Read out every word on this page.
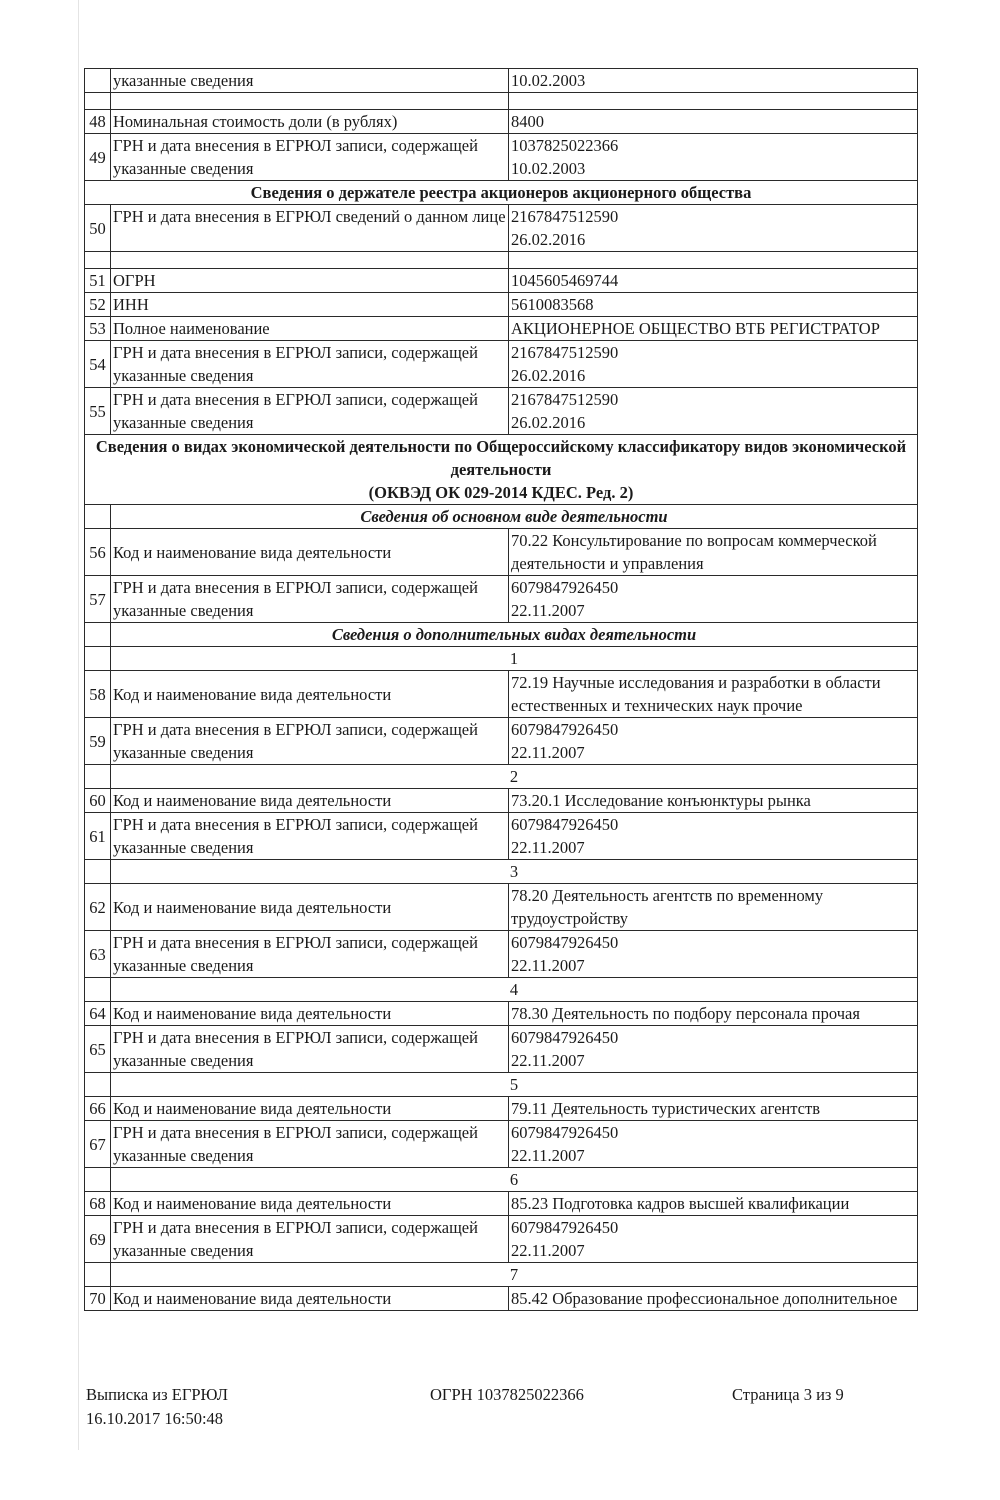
	указанные сведения	10.02.2003

48	Номинальная стоимость доли (в рублях)	8400

49	ГРН и дата внесения в ЕГРЮЛ записи, содержащей указанные сведения	1037825022366
10.02.2003

Сведения о держателе реестра акционеров акционерного общества		

50	ГРН и дата внесения в ЕГРЮЛ сведений о данном лице	2167847512590
26.02.2016

51	ОГРН	1045605469744

52	ИНН	5610083568

53	Полное наименование	АКЦИОНЕРНОЕ ОБЩЕСТВО ВТБ РЕГИСТРАТОР

54	ГРН и дата внесения в ЕГРЮЛ записи, содержащей указанные сведения	2167847512590
26.02.2016

55	ГРН и дата внесения в ЕГРЮЛ записи, содержащей указанные сведения	2167847512590
26.02.2016

Сведения о видах экономической деятельности по Общероссийскому классификатору видов экономической деятельности
(ОКВЭД ОК 029-2014 КДЕС. Ред. 2)		

	Сведения об основном виде деятельности	
56	Код и наименование вида деятельности	70.22 Консультирование по вопросам коммерческой деятельности и управления

57	ГРН и дата внесения в ЕГРЮЛ записи, содержащей указанные сведения	6079847926450
22.11.2007

	Сведения о дополнительных видах деятельности	
	1	
58	Код и наименование вида деятельности	72.19 Научные исследования и разработки в области естественных и технических наук прочие

59	ГРН и дата внесения в ЕГРЮЛ записи, содержащей указанные сведения	6079847926450
22.11.2007

	2	
60	Код и наименование вида деятельности	73.20.1 Исследование конъюнктуры рынка

61	ГРН и дата внесения в ЕГРЮЛ записи, содержащей указанные сведения	6079847926450
22.11.2007

	3	
62	Код и наименование вида деятельности	78.20 Деятельность агентств по временному трудоустройству

63	ГРН и дата внесения в ЕГРЮЛ записи, содержащей указанные сведения	6079847926450
22.11.2007

	4	
64	Код и наименование вида деятельности	78.30 Деятельность по подбору персонала прочая

65	ГРН и дата внесения в ЕГРЮЛ записи, содержащей указанные сведения	6079847926450
22.11.2007

	5	
66	Код и наименование вида деятельности	79.11 Деятельность туристических агентств

67	ГРН и дата внесения в ЕГРЮЛ записи, содержащей указанные сведения	6079847926450
22.11.2007

	6	
68	Код и наименование вида деятельности	85.23 Подготовка кадров высшей квалификации

69	ГРН и дата внесения в ЕГРЮЛ записи, содержащей указанные сведения	6079847926450
22.11.2007

	7	
70	Код и наименование вида деятельности	85.42 Образование профессиональное дополнительное
Выписка из ЕГРЮЛ
16.10.2017 16:50:48
ОГРН 1037825022366	Страница 3 из 9
